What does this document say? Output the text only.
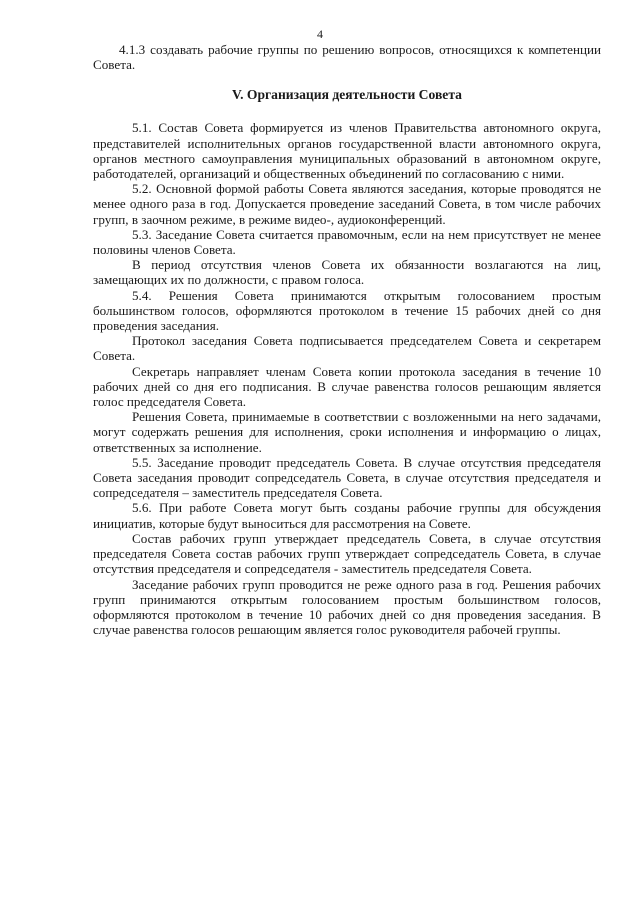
4

4.1.3 создавать рабочие группы по решению вопросов, относящихся к компетенции Совета.

V. Организация деятельности Совета

5.1. Состав Совета формируется из членов Правительства автономного округа, представителей исполнительных органов государственной власти автономного округа, органов местного самоуправления муниципальных образований в автономном округе, работодателей, организаций и общественных объединений по согласованию с ними.

5.2. Основной формой работы Совета являются заседания, которые проводятся не менее одного раза в год. Допускается проведение заседаний Совета, в том числе рабочих групп, в заочном режиме, в режиме видео-, аудиоконференций.

5.3. Заседание Совета считается правомочным, если на нем присутствует не менее половины членов Совета.

В период отсутствия членов Совета их обязанности возлагаются на лиц, замещающих их по должности, с правом голоса.

5.4. Решения Совета принимаются открытым голосованием простым большинством голосов, оформляются протоколом в течение 15 рабочих дней со дня проведения заседания.

Протокол заседания Совета подписывается председателем Совета и секретарем Совета.

Секретарь направляет членам Совета копии протокола заседания в течение 10 рабочих дней со дня его подписания. В случае равенства голосов решающим является голос председателя Совета.

Решения Совета, принимаемые в соответствии с возложенными на него задачами, могут содержать решения для исполнения, сроки исполнения и информацию о лицах, ответственных за исполнение.

5.5. Заседание проводит председатель Совета. В случае отсутствия председателя Совета заседания проводит сопредседатель Совета, в случае отсутствия председателя и сопредседателя – заместитель председателя Совета.

5.6. При работе Совета могут быть созданы рабочие группы для обсуждения инициатив, которые будут выноситься для рассмотрения на Совете.

Состав рабочих групп утверждает председатель Совета, в случае отсутствия председателя Совета состав рабочих групп утверждает сопредседатель Совета, в случае отсутствия председателя и сопредседателя - заместитель председателя Совета.

Заседание рабочих групп проводится не реже одного раза в год. Решения рабочих групп принимаются открытым голосованием простым большинством голосов, оформляются протоколом в течение 10 рабочих дней со дня проведения заседания. В случае равенства голосов решающим является голос руководителя рабочей группы.
